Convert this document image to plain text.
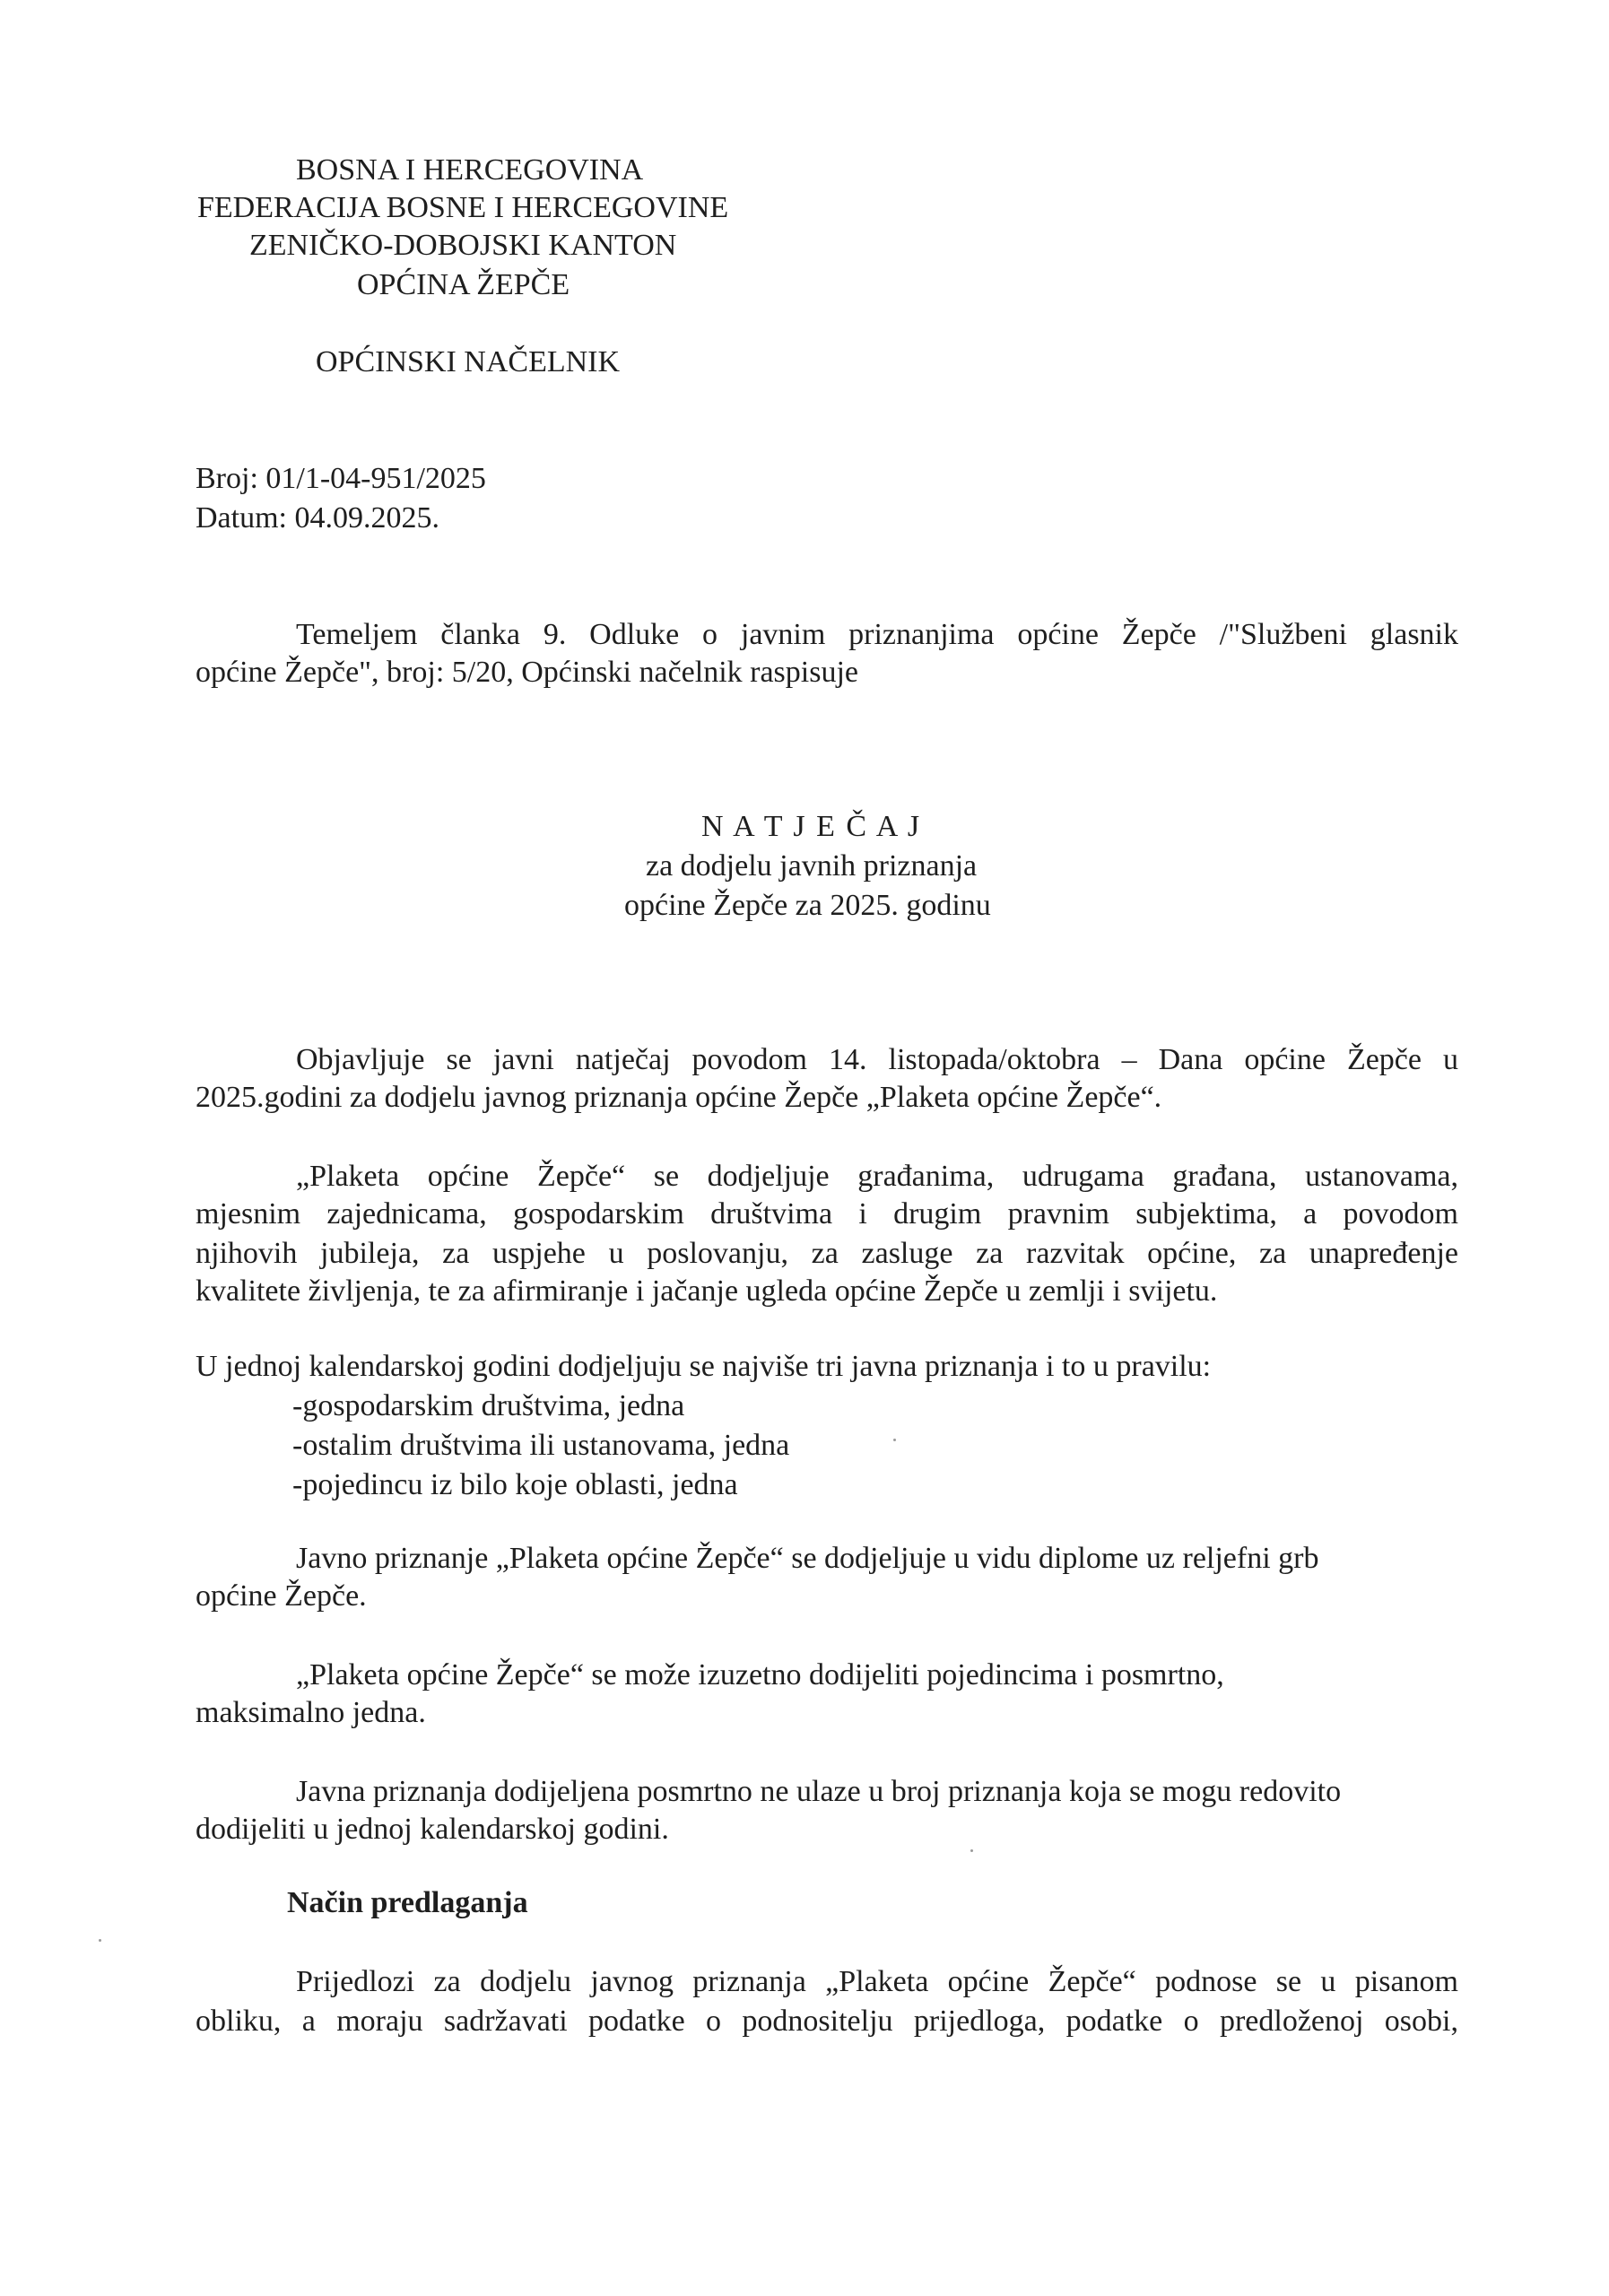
BOSNA I HERCEGOVINA

FEDERACIJA BOSNE I HERCEGOVINE

ZENIČKO-DOBOJSKI KANTON

OPĆINA ŽEPČE

OPĆINSKI NAČELNIK

Broj: 01/1-04-951/2025

Datum: 04.09.2025.

Temeljem članka 9. Odluke o javnim priznanjima općine Žepče /"Službeni glasnik

općine Žepče", broj: 5/20, Općinski načelnik raspisuje

N A T J E Č A J

za dodjelu javnih priznanja

općine Žepče za 2025. godinu

Objavljuje se javni natječaj povodom 14. listopada/oktobra – Dana općine Žepče u

2025.godini za dodjelu javnog priznanja općine Žepče „Plaketa općine Žepče“.

„Plaketa općine Žepče“ se dodjeljuje građanima, udrugama građana, ustanovama,

mjesnim zajednicama, gospodarskim društvima i drugim pravnim subjektima, a povodom

njihovih jubileja, za uspjehe u poslovanju, za zasluge za razvitak općine, za unapređenje

kvalitete življenja, te za afirmiranje i jačanje ugleda općine Žepče u zemlji i svijetu.

U jednoj kalendarskoj godini dodjeljuju se najviše tri javna priznanja i to u pravilu:

-gospodarskim društvima, jedna

-ostalim društvima ili ustanovama, jedna

-pojedincu iz bilo koje oblasti, jedna

Javno priznanje „Plaketa općine Žepče“ se dodjeljuje u vidu diplome uz reljefni grb

općine Žepče.

„Plaketa općine Žepče“ se može izuzetno dodijeliti pojedincima i posmrtno,

maksimalno jedna.

Javna priznanja dodijeljena posmrtno ne ulaze u broj priznanja koja se mogu redovito

dodijeliti u jednoj kalendarskoj godini.

Način predlaganja

Prijedlozi za dodjelu javnog priznanja „Plaketa općine Žepče“ podnose se u pisanom

obliku, a moraju sadržavati podatke o podnositelju prijedloga, podatke o predloženoj osobi,
